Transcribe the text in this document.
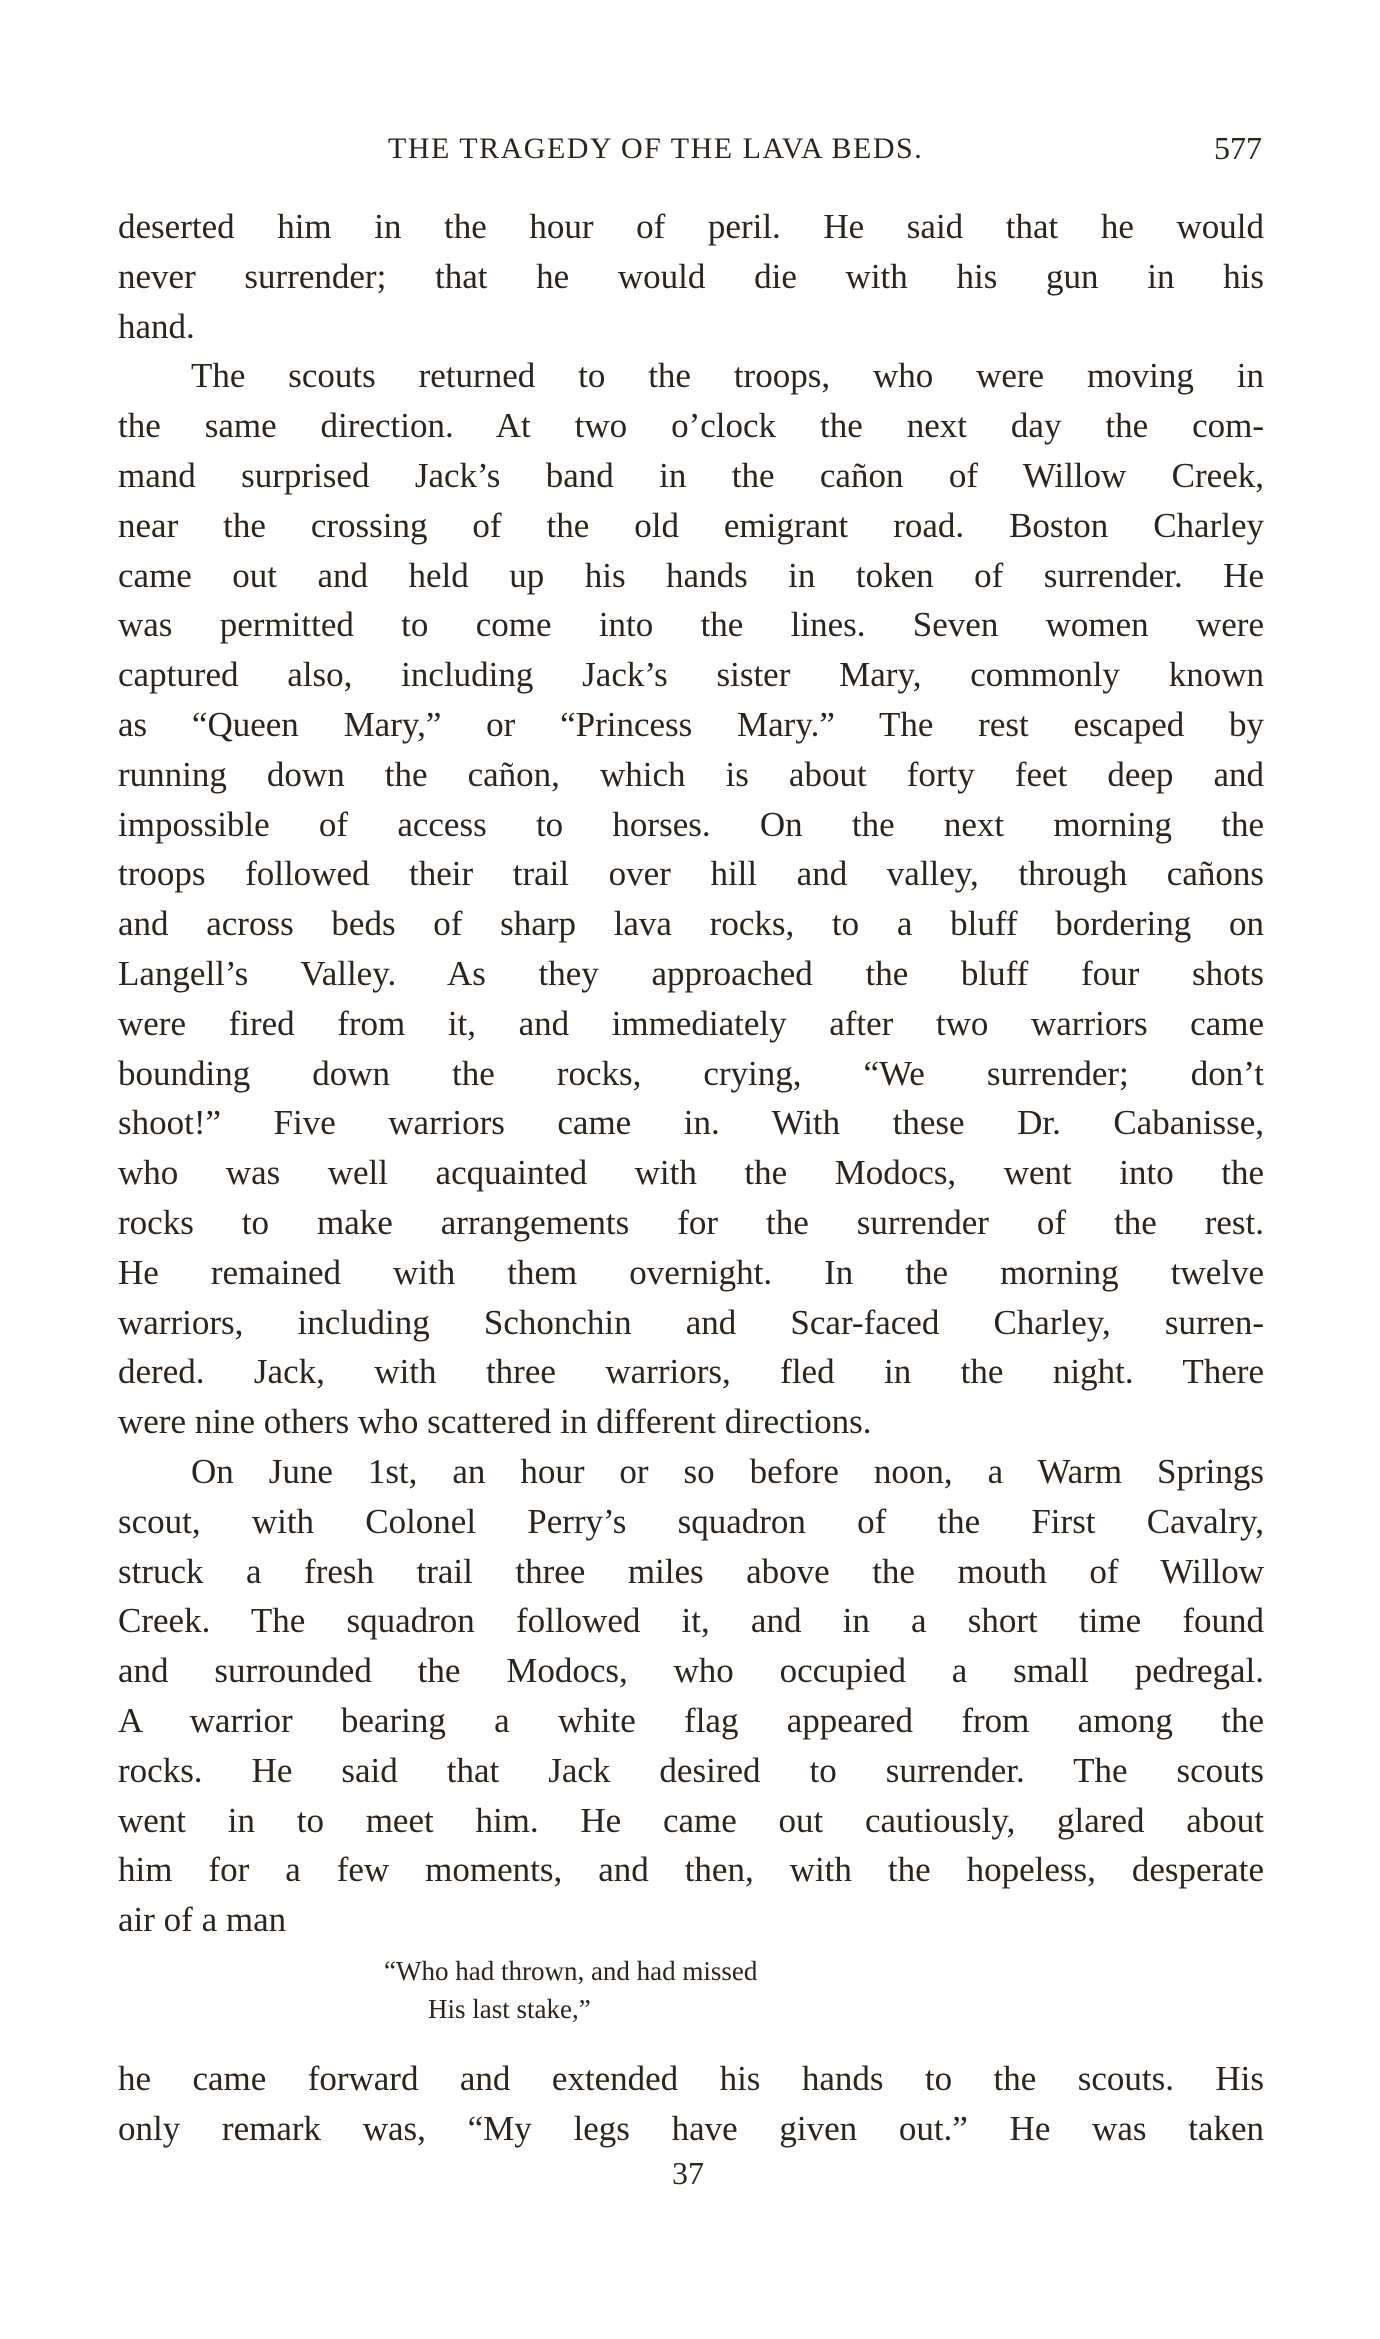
THE TRAGEDY OF THE LAVA BEDS.	577
deserted him in the hour of peril. He said that he would
never surrender; that he would die with his gun in his
hand.
The scouts returned to the troops, who were moving in
the same direction. At two o’clock the next day the com-
mand surprised Jack’s band in the cañon of Willow Creek,
near the crossing of the old emigrant road. Boston Charley
came out and held up his hands in token of surrender. He
was permitted to come into the lines. Seven women were
captured also, including Jack’s sister Mary, commonly known
as “Queen Mary,” or “Princess Mary.” The rest escaped by
running down the cañon, which is about forty feet deep and
impossible of access to horses. On the next morning the
troops followed their trail over hill and valley, through cañons
and across beds of sharp lava rocks, to a bluff bordering on
Langell’s Valley. As they approached the bluff four shots
were fired from it, and immediately after two warriors came
bounding down the rocks, crying, “We surrender; don’t
shoot!” Five warriors came in. With these Dr. Cabanisse,
who was well acquainted with the Modocs, went into the
rocks to make arrangements for the surrender of the rest.
He remained with them overnight. In the morning twelve
warriors, including Schonchin and Scar-faced Charley, surren-
dered. Jack, with three warriors, fled in the night. There
were nine others who scattered in different directions.
On June 1st, an hour or so before noon, a Warm Springs
scout, with Colonel Perry’s squadron of the First Cavalry,
struck a fresh trail three miles above the mouth of Willow
Creek. The squadron followed it, and in a short time found
and surrounded the Modocs, who occupied a small pedregal.
A warrior bearing a white flag appeared from among the
rocks. He said that Jack desired to surrender. The scouts
went in to meet him. He came out cautiously, glared about
him for a few moments, and then, with the hopeless, desperate
air of a man
“Who had thrown, and had missed
His last stake,”
he came forward and extended his hands to the scouts. His
only remark was, “My legs have given out.” He was taken
37
